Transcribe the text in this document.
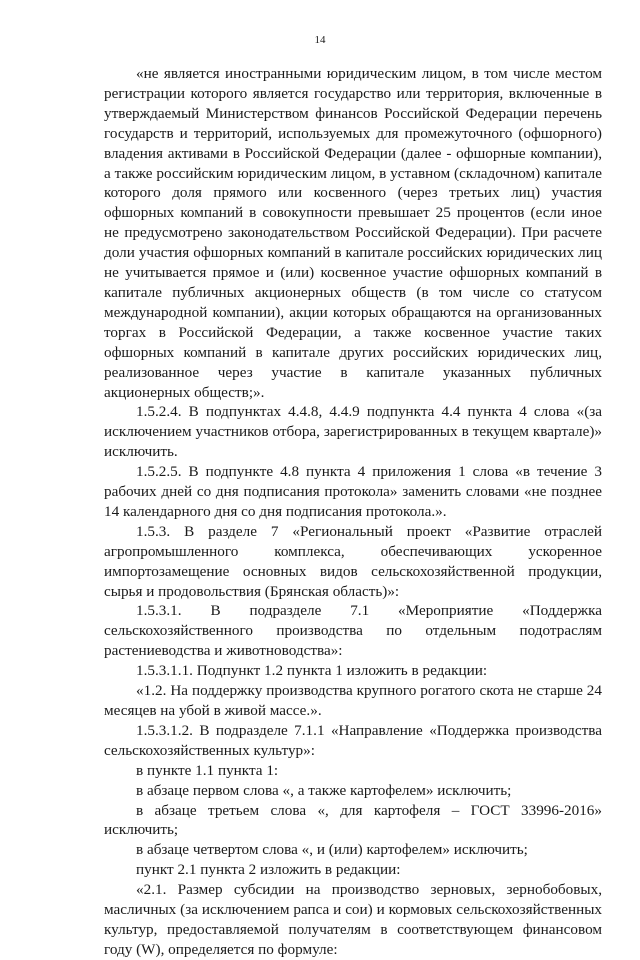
14

«не является иностранными юридическим лицом, в том числе местом регистрации которого является государство или территория, включенные в утверждаемый Министерством финансов Российской Федерации перечень государств и территорий, используемых для промежуточного (офшорного) владения активами в Российской Федерации (далее - офшорные компании), а также российским юридическим лицом, в уставном (складочном) капитале которого доля прямого или косвенного (через третьих лиц) участия офшорных компаний в совокупности превышает 25 процентов (если иное не предусмотрено законодательством Российской Федерации). При расчете доли участия офшорных компаний в капитале российских юридических лиц не учитывается прямое и (или) косвенное участие офшорных компаний в капитале публичных акционерных обществ (в том числе со статусом международной компании), акции которых обращаются на организованных торгах в Российской Федерации, а также косвенное участие таких офшорных компаний в капитале других российских юридических лиц, реализованное через участие в капитале указанных публичных акционерных обществ;».

1.5.2.4. В подпунктах 4.4.8, 4.4.9 подпункта 4.4 пункта 4 слова «(за исключением участников отбора, зарегистрированных в текущем квартале)» исключить.

1.5.2.5. В подпункте 4.8 пункта 4 приложения 1 слова «в течение 3 рабочих дней со дня подписания протокола» заменить словами «не позднее 14 календарного дня со дня подписания протокола.».

1.5.3. В разделе 7 «Региональный проект «Развитие отраслей агропромышленного комплекса, обеспечивающих ускоренное импортозамещение основных видов сельскохозяйственной продукции, сырья и продовольствия (Брянская область)»:

1.5.3.1. В подразделе 7.1 «Мероприятие «Поддержка сельскохозяйственного производства по отдельным подотраслям растениеводства и животноводства»:

1.5.3.1.1. Подпункт 1.2 пункта 1 изложить в редакции:

«1.2. На поддержку производства крупного рогатого скота не старше 24 месяцев на убой в живой массе.».

1.5.3.1.2. В подразделе 7.1.1 «Направление «Поддержка производства сельскохозяйственных культур»:

в пункте 1.1 пункта 1:

в абзаце первом слова «, а также картофелем» исключить;

в абзаце третьем слова «, для картофеля – ГОСТ 33996-2016» исключить;

в абзаце четвертом слова «, и (или) картофелем» исключить;

пункт 2.1 пункта 2 изложить в редакции:

«2.1. Размер субсидии на производство зерновых, зернобобовых, масличных (за исключением рапса и сои) и кормовых сельскохозяйственных культур, предоставляемой получателям в соответствующем финансовом году (W), определяется по формуле:
